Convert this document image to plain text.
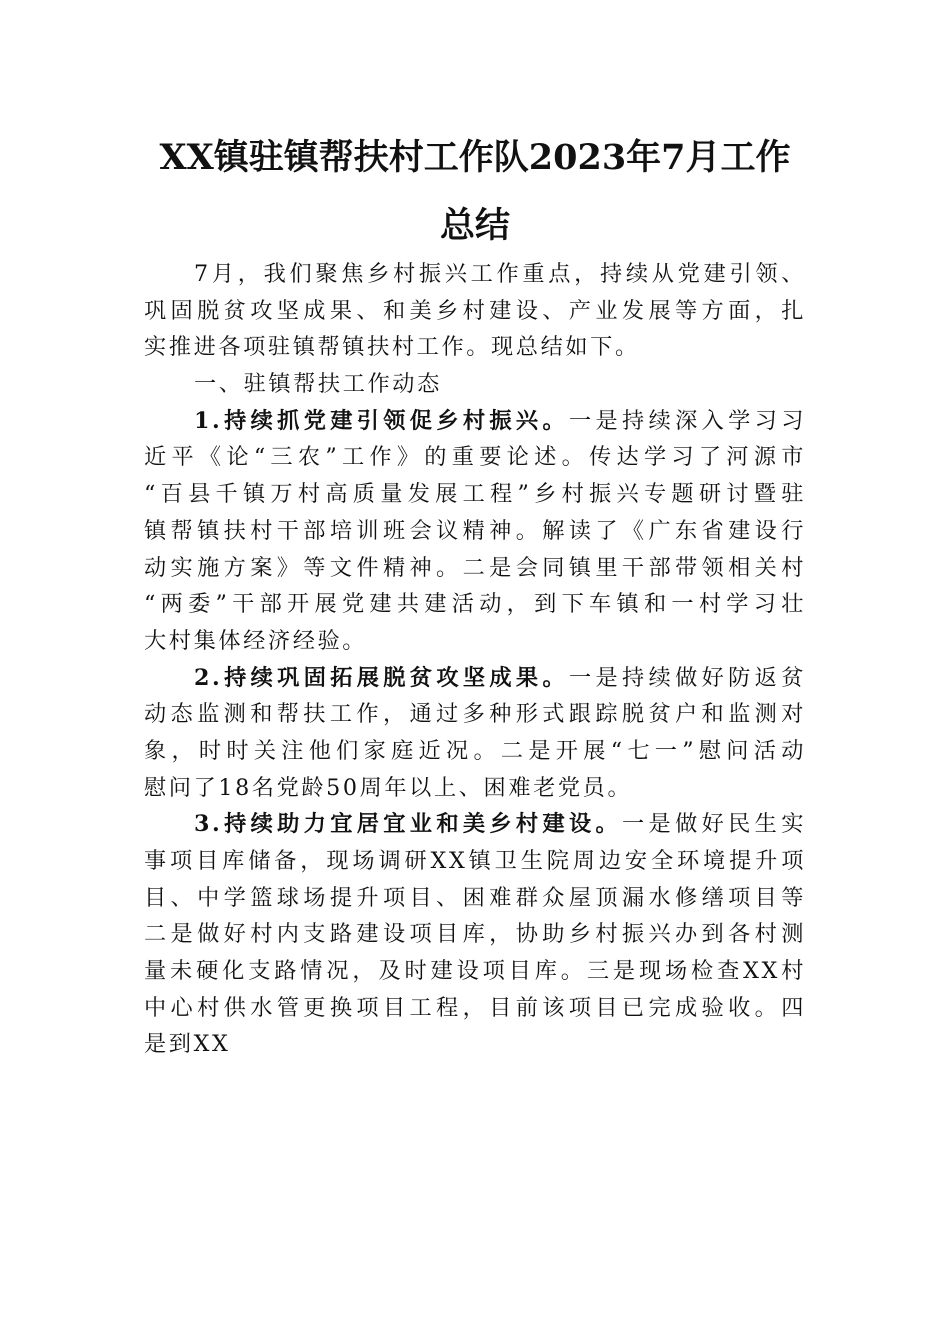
XX镇驻镇帮扶村工作队2023年7月工作
总结
7月，我们聚焦乡村振兴工作重点，持续从党建引领、
巩固脱贫攻坚成果、和美乡村建设、产业发展等方面，扎
实推进各项驻镇帮镇扶村工作。现总结如下。
一、驻镇帮扶工作动态
1.持续抓党建引领促乡村振兴。一是持续深入学习习
近平《论“三农”工作》的重要论述。传达学习了河源市
“百县千镇万村高质量发展工程”乡村振兴专题研讨暨驻
镇帮镇扶村干部培训班会议精神。解读了《广东省建设行
动实施方案》等文件精神。二是会同镇里干部带领相关村
“两委”干部开展党建共建活动，到下车镇和一村学习壮
大村集体经济经验。
2.持续巩固拓展脱贫攻坚成果。一是持续做好防返贫
动态监测和帮扶工作，通过多种形式跟踪脱贫户和监测对
象，时时关注他们家庭近况。二是开展“七一”慰问活动
慰问了18名党龄50周年以上、困难老党员。
3.持续助力宜居宜业和美乡村建设。一是做好民生实
事项目库储备，现场调研XX镇卫生院周边安全环境提升项
目、中学篮球场提升项目、困难群众屋顶漏水修缮项目等
二是做好村内支路建设项目库，协助乡村振兴办到各村测
量未硬化支路情况，及时建设项目库。三是现场检查XX村
中心村供水管更换项目工程，目前该项目已完成验收。四
是到XX
